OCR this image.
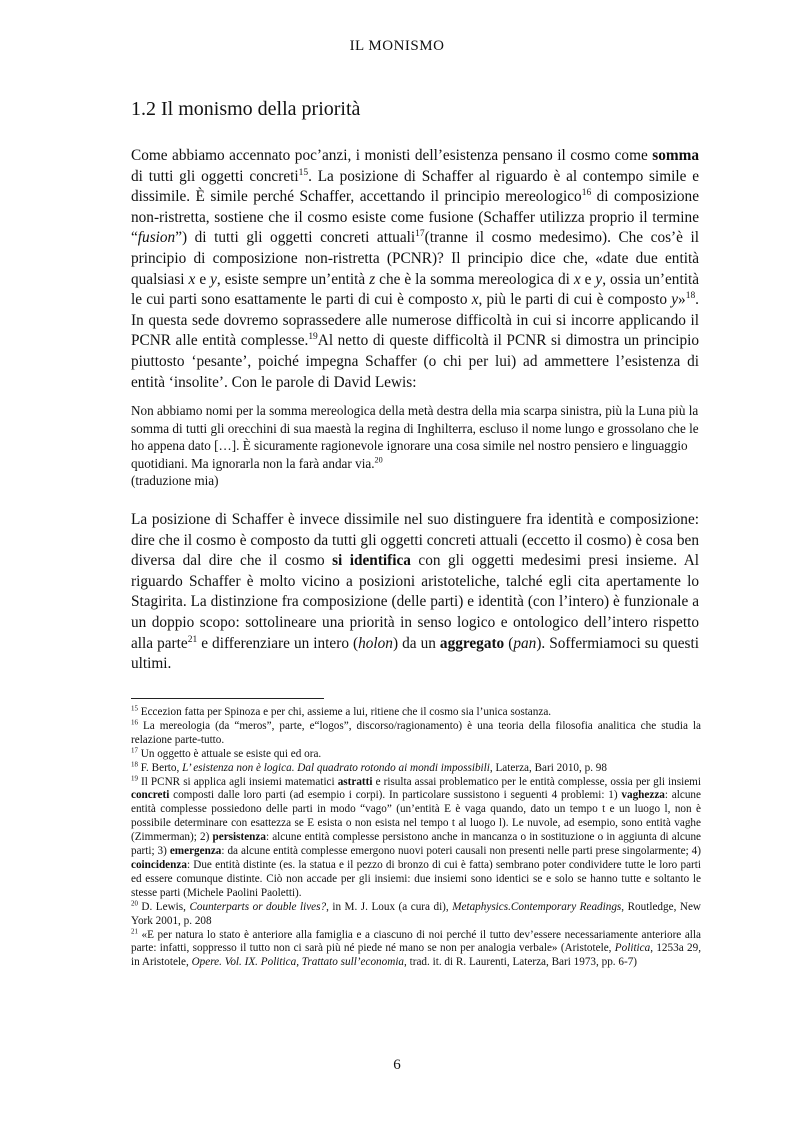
IL MONISMO
1.2 Il monismo della priorità

Come abbiamo accennato poc’anzi, i monisti dell’esistenza pensano il cosmo come somma di tutti gli oggetti concreti$^{15}$. La posizione di Schaffer al riguardo è al contempo simile e dissimile. È simile perché Schaffer, accettando il principio mereologico$^{16}$ di composizione non-ristretta, sostiene che il cosmo esiste come fusione (Schaffer utilizza proprio il termine “fusion”) di tutti gli oggetti concreti attuali$^{17}$(tranne il cosmo medesimo). Che cos’è il principio di composizione non-ristretta (PCNR)? Il principio dice che, «date due entità qualsiasi x e y, esiste sempre un’entità z che è la somma mereologica di x e y, ossia un’entità le cui parti sono esattamente le parti di cui è composto x, più le parti di cui è composto y»$^{18}$. In questa sede dovremo soprassedere alle numerose difficoltà in cui si incorre applicando il PCNR alle entità complesse.$^{19}$Al netto di queste difficoltà il PCNR si dimostra un principio piuttosto ‘pesante’, poiché impegna Schaffer (o chi per lui) ad ammettere l’esistenza di entità ‘insolite’. Con le parole di David Lewis:

Non abbiamo nomi per la somma mereologica della metà destra della mia scarpa sinistra, più la Luna più la somma di tutti gli orecchini di sua maestà la regina di Inghilterra, escluso il nome lungo e grossolano che le ho appena dato […]. È sicuramente ragionevole ignorare una cosa simile nel nostro pensiero e linguaggio quotidiani. Ma ignorarla non la farà andar via.$^{20}$
(traduzione mia)

La posizione di Schaffer è invece dissimile nel suo distinguere fra identità e composizione: dire che il cosmo è composto da tutti gli oggetti concreti attuali (eccetto il cosmo) è cosa ben diversa dal dire che il cosmo si identifica con gli oggetti medesimi presi insieme. Al riguardo Schaffer è molto vicino a posizioni aristoteliche, talché egli cita apertamente lo Stagirita. La distinzione fra composizione (delle parti) e identità (con l’intero) è funzionale a un doppio scopo: sottolineare una priorità in senso logico e ontologico dell’intero rispetto alla parte$^{21}$ e differenziare un intero (holon) da un aggregato (pan). Soffermiamoci su questi ultimi.

$^{15}$ Eccezion fatta per Spinoza e per chi, assieme a lui, ritiene che il cosmo sia l’unica sostanza.

$^{16}$ La mereologia (da “meros”, parte, e“logos”, discorso/ragionamento) è una teoria della filosofia analitica che studia la relazione parte-tutto.

$^{17}$ Un oggetto è attuale se esiste qui ed ora.

$^{18}$ F. Berto, L’ esistenza non è logica. Dal quadrato rotondo ai mondi impossibili, Laterza, Bari 2010, p. 98

$^{19}$ Il PCNR si applica agli insiemi matematici astratti e risulta assai problematico per le entità complesse, ossia per gli insiemi concreti composti dalle loro parti (ad esempio i corpi). In particolare sussistono i seguenti 4 problemi: 1) vaghezza: alcune entità complesse possiedono delle parti in modo “vago” (un’entità E è vaga quando, dato un tempo t e un luogo l, non è possibile determinare con esattezza se E esista o non esista nel tempo t al luogo l). Le nuvole, ad esempio, sono entità vaghe (Zimmerman); 2) persistenza: alcune entità complesse persistono anche in mancanza o in sostituzione o in aggiunta di alcune parti; 3) emergenza: da alcune entità complesse emergono nuovi poteri causali non presenti nelle parti prese singolarmente; 4) coincidenza: Due entità distinte (es. la statua e il pezzo di bronzo di cui è fatta) sembrano poter condividere tutte le loro parti ed essere comunque distinte. Ciò non accade per gli insiemi: due insiemi sono identici se e solo se hanno tutte e soltanto le stesse parti (Michele Paolini Paoletti).

$^{20}$ D. Lewis, Counterparts or double lives?, in M. J. Loux (a cura di), Metaphysics.Contemporary Readings, Routledge, New York 2001, p. 208

$^{21}$ «E per natura lo stato è anteriore alla famiglia e a ciascuno di noi perché il tutto dev’essere necessariamente anteriore alla parte: infatti, soppresso il tutto non ci sarà più né piede né mano se non per analogia verbale» (Aristotele, Politica, 1253a 29, in Aristotele, Opere. Vol. IX. Politica, Trattato sull’economia, trad. it. di R. Laurenti, Laterza, Bari 1973, pp. 6-7)

6
